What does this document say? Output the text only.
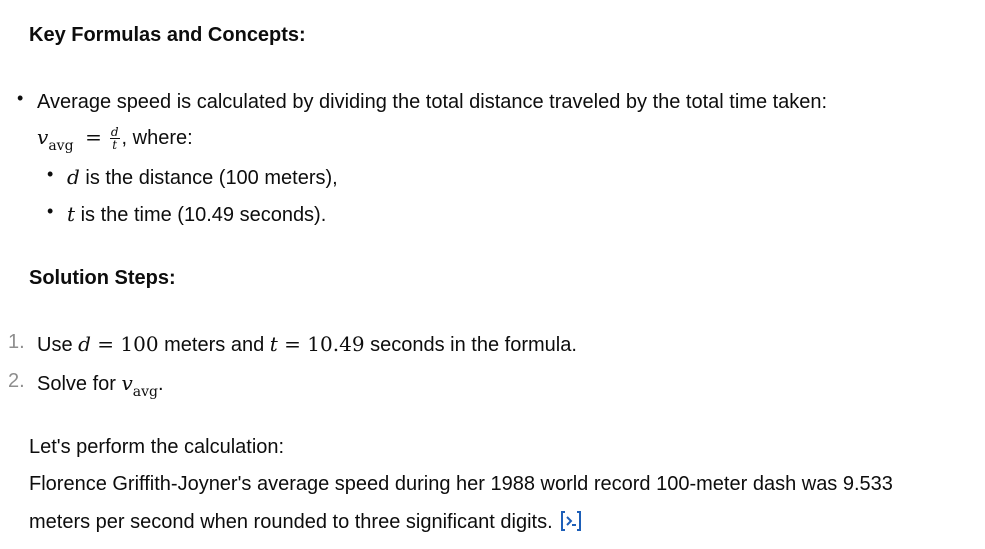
Key Formulas and Concepts:
• Average speed is calculated by dividing the total distance traveled by the total time taken:
$v_{avg} = \frac{d}{t}$ , where:
• d is the distance (100 meters),
• t is the time (10.49 seconds).
Solution Steps:
1. Use d = 100 meters and t = 10.49 seconds in the formula.
2. Solve for $v_{avg}$.
Let's perform the calculation:
Florence Griffith-Joyner's average speed during her 1988 world record 100-meter dash was 9.533
meters per second when rounded to three significant digits.
